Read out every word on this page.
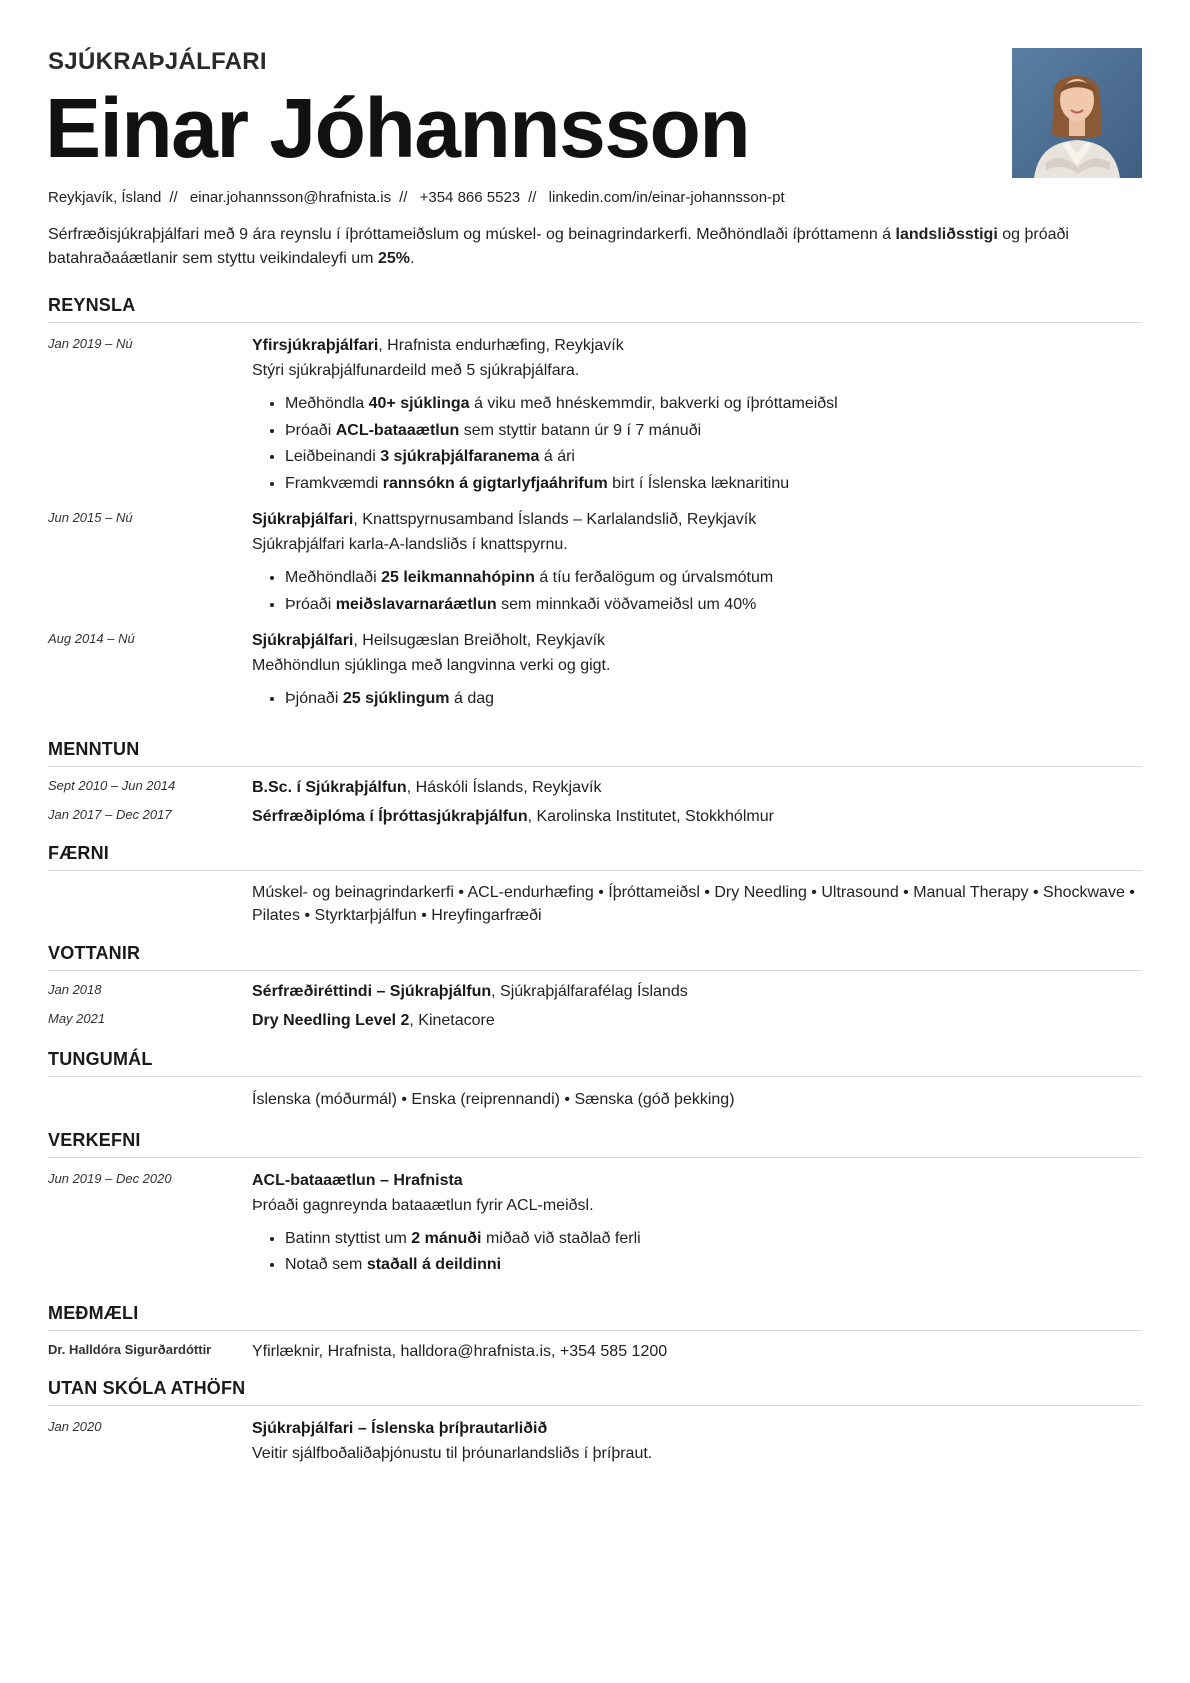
SJÚKRAÞJÁLFARI
Einar Jóhannsson
Reykjavík, Ísland // einar.johannsson@hrafnista.is // +354 866 5523 // linkedin.com/in/einar-johannsson-pt
Sérfræðisjúkraþjálfari með 9 ára reynslu í íþróttameiðslum og múskel- og beinagrindarkerfi. Meðhöndlaði íþróttamenn á landsliðsstigi og þróaði batahraðaáætlanir sem styttu veikindaleyfi um 25%.
REYNSLA
Jan 2019 – Nú	Yfirsjúkraþjálfari, Hrafnista endurhæfing, Reykjavík
Stýri sjúkraþjálfunardeild með 5 sjúkraþjálfara.
• Meðhöndla 40+ sjúklinga á viku með hnéskemmdir, bakverki og íþróttameiðsl
• Þróaði ACL-bataaætlun sem styttir batann úr 9 í 7 mánuði
• Leiðbeinandi 3 sjúkraþjálfaranema á ári
• Framkvæmdi rannsókn á gigtarlyfjaáhrifum birt í Íslenska læknaritinu
Jun 2015 – Nú	Sjúkraþjálfari, Knattspyrnusamband Íslands – Karlalandslið, Reykjavík
Sjúkraþjálfari karla-A-landsliðs í knattspyrnu.
• Meðhöndlaði 25 leikmannahópinn á tíu ferðalögum og úrvalsmótum
• Þróaði meiðslavarnaráætlun sem minnkaði vöðvameiðsl um 40%
Aug 2014 – Nú	Sjúkraþjálfari, Heilsugæslan Breiðholt, Reykjavík
Meðhöndlun sjúklinga með langvinna verki og gigt.
• Þjónaði 25 sjúklingum á dag
MENNTUN
Sept 2010 – Jun 2014	B.Sc. í Sjúkraþjálfun, Háskóli Íslands, Reykjavík
Jan 2017 – Dec 2017	Sérfræðiplóma í Íþróttasjúkraþjálfun, Karolinska Institutet, Stokkhólmur
FÆRNI
Múskel- og beinagrindarkerfi • ACL-endurhæfing • Íþróttameiðsl • Dry Needling • Ultrasound • Manual Therapy • Shockwave • Pilates • Styrktarþjálfun • Hreyfingarfræði
VOTTANIR
Jan 2018	Sérfræðiréttindi – Sjúkraþjálfun, Sjúkraþjálfarafélag Íslands
May 2021	Dry Needling Level 2, Kinetacore
TUNGUMÁL
Íslenska (móðurmál) • Enska (reiprennandi) • Sænska (góð þekking)
VERKEFNI
Jun 2019 – Dec 2020	ACL-bataaætlun – Hrafnista
Þróaði gagnreynda bataaætlun fyrir ACL-meiðsl.
• Batinn styttist um 2 mánuði miðað við staðlað ferli
• Notað sem staðall á deildinni
MEÐMÆLI
Dr. Halldóra Sigurðardóttir	Yfirlæknir, Hrafnista, halldora@hrafnista.is, +354 585 1200
UTAN SKÓLA ATHÖFN
Jan 2020	Sjúkraþjálfari – Íslenska þríþrautarliðið
Veitir sjálfboðaliðaþjónustu til þróunarlandsliðs í þríþraut.
